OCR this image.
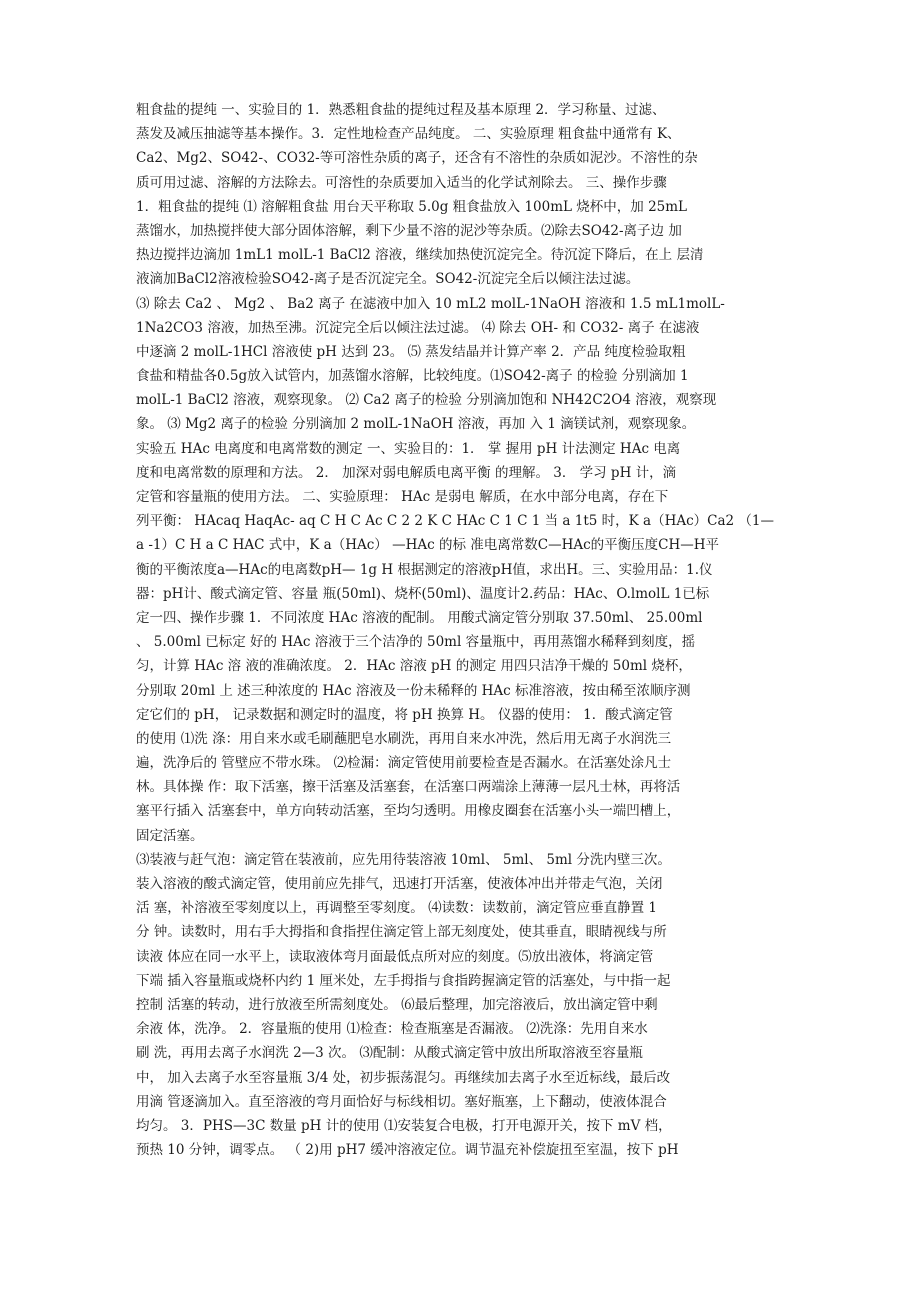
粗食盐的提纯 一、实验目的 1．熟悉粗食盐的提纯过程及基本原理 2．学习称量、过滤、
蒸发及减压抽滤等基本操作。3．定性地检查产品纯度。 二、实验原理 粗食盐中通常有 K、
Ca2、Mg2、SO42-、CO32-等可溶性杂质的离子，还含有不溶性的杂质如泥沙。不溶性的杂
质可用过滤、溶解的方法除去。可溶性的杂质要加入适当的化学试剂除去。 三、操作步骤
1．粗食盐的提纯 ⑴ 溶解粗食盐 用台天平称取 5.0g 粗食盐放入 100mL 烧杯中，加 25mL
蒸馏水，加热搅拌使大部分固体溶解，剩下少量不溶的泥沙等杂质。⑵除去SO42-离子边 加
热边搅拌边滴加 1mL1 molL-1 BaCl2 溶液，继续加热使沉淀完全。待沉淀下降后，在上 层清
液滴加BaCl2溶液检验SO42-离子是否沉淀完全。SO42-沉淀完全后以倾注法过滤。
⑶ 除去 Ca2 、 Mg2 、 Ba2 离子 在滤液中加入 10 mL2 molL-1NaOH 溶液和 1.5 mL1molL-
1Na2CO3 溶液，加热至沸。沉淀完全后以倾注法过滤。 ⑷ 除去 OH- 和 CO32- 离子 在滤液
中逐滴 2 molL-1HCl 溶液使 pH 达到 23。 ⑸ 蒸发结晶并计算产率 2．产品 纯度检验取粗
食盐和精盐各0.5g放入试管内，加蒸馏水溶解，比较纯度。⑴SO42-离子 的检验 分别滴加 1
molL-1 BaCl2 溶液，观察现象。 ⑵ Ca2 离子的检验 分别滴加饱和 NH42C2O4 溶液，观察现
象。 ⑶ Mg2 离子的检验 分别滴加 2 molL-1NaOH 溶液，再加 入 1 滴镁试剂，观察现象。
实验五 HAc 电离度和电离常数的测定 一、实验目的：1． 掌 握用 pH 计法测定 HAc 电离
度和电离常数的原理和方法。 2． 加深对弱电解质电离平衡 的理解。 3． 学习 pH 计，滴
定管和容量瓶的使用方法。 二、实验原理： HAc 是弱电 解质，在水中部分电离，存在下
列平衡： HAcaq HaqAc- aq C H C Ac C 2 2 K C HAc C 1 C 1 当 a 1t5 时，K a（HAc）Ca2 （1—
a -1）C H a C HAC 式中，K a（HAc） —HAc 的标 准电离常数C—HAc的平衡压度CH—H平
衡的平衡浓度a—HAc的电离数pH— 1g H 根据测定的溶液pH值，求出H。三、实验用品：1.仪
器：pH计、酸式滴定管、容量 瓶(50ml)、烧杯(50ml)、温度计2.药品：HAc、O.lmolL 1已标
定一四、操作步骤 1．不同浓度 HAc 溶液的配制。 用酸式滴定管分别取 37.50ml、 25.00ml
、 5.00ml 已标定 好的 HAc 溶液于三个洁净的 50ml 容量瓶中，再用蒸馏水稀释到刻度，摇
匀，计算 HAc 溶 液的准确浓度。 2．HAc 溶液 pH 的测定 用四只洁净干燥的 50ml 烧杯，
分别取 20ml 上 述三种浓度的 HAc 溶液及一份未稀释的 HAc 标准溶液，按由稀至浓顺序测
定它们的 pH， 记录数据和测定时的温度，将 pH 换算 H。 仪器的使用： 1．酸式滴定管
的使用 ⑴洗 涤：用自来水或毛刷蘸肥皂水刷洗，再用自来水冲洗，然后用无离子水润洗三
遍，洗净后的 管壁应不带水珠。 ⑵检漏：滴定管使用前要检查是否漏水。在活塞处涂凡士
林。具体操 作：取下活塞，擦干活塞及活塞套，在活塞口两端涂上薄薄一层凡士林，再将活
塞平行插入 活塞套中，单方向转动活塞，至均匀透明。用橡皮圈套在活塞小头一端凹槽上，
固定活塞。
⑶装液与赶气泡：滴定管在装液前，应先用待装溶液 10ml、 5ml、 5ml 分洗内壁三次。
装入溶液的酸式滴定管，使用前应先排气，迅速打开活塞，使液体冲出并带走气泡，关闭
活 塞，补溶液至零刻度以上，再调整至零刻度。 ⑷读数：读数前，滴定管应垂直静置 1
分 钟。读数时，用右手大拇指和食指捏住滴定管上部无刻度处，使其垂直，眼睛视线与所
读液 体应在同一水平上，读取液体弯月面最低点所对应的刻度。⑸放出液体，将滴定管
下端 插入容量瓶或烧杯内约 1 厘米处，左手拇指与食指跨握滴定管的活塞处，与中指一起
控制 活塞的转动，进行放液至所需刻度处。 ⑹最后整理，加完溶液后，放出滴定管中剩
余液 体，洗净。 2．容量瓶的使用 ⑴检查：检查瓶塞是否漏液。 ⑵洗涤：先用自来水
刷 洗，再用去离子水润洗 2—3 次。 ⑶配制：从酸式滴定管中放出所取溶液至容量瓶
中， 加入去离子水至容量瓶 3/4 处，初步振荡混匀。再继续加去离子水至近标线，最后改
用滴 管逐滴加入。直至溶液的弯月面恰好与标线相切。塞好瓶塞，上下翻动，使液体混合
均匀。 3．PHS—3C 数量 pH 计的使用 ⑴安装复合电极，打开电源开关，按下 mV 档，
预热 10 分钟，调零点。 （ 2)用 pH7 缓冲溶液定位。调节温充补偿旋扭至室温，按下 pH
